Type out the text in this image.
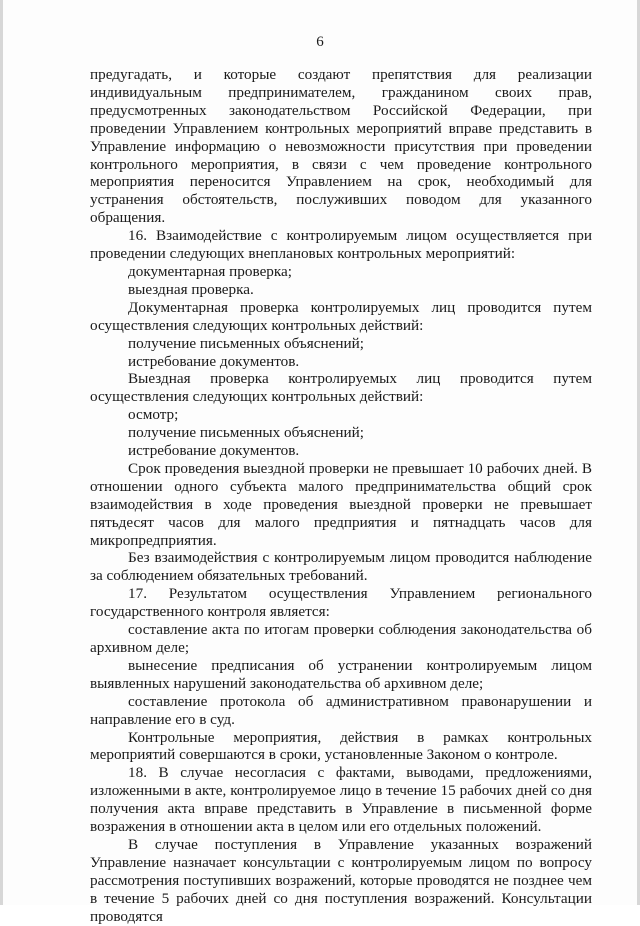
6

предугадать, и которые создают препятствия для реализации индивидуальным предпринимателем, гражданином своих прав, предусмотренных законодательством Российской Федерации, при проведении Управлением контрольных мероприятий вправе представить в Управление информацию о невозможности присутствия при проведении контрольного мероприятия, в связи с чем проведение контрольного мероприятия переносится Управлением на срок, необходимый для устранения обстоятельств, послуживших поводом для указанного обращения.

16. Взаимодействие с контролируемым лицом осуществляется при проведении следующих внеплановых контрольных мероприятий:

документарная проверка;

выездная проверка.

Документарная проверка контролируемых лиц проводится путем осуществления следующих контрольных действий:

получение письменных объяснений;

истребование документов.

Выездная проверка контролируемых лиц проводится путем осуществления следующих контрольных действий:

осмотр;

получение письменных объяснений;

истребование документов.

Срок проведения выездной проверки не превышает 10 рабочих дней. В отношении одного субъекта малого предпринимательства общий срок взаимодействия в ходе проведения выездной проверки не превышает пятьдесят часов для малого предприятия и пятнадцать часов для микропредприятия.

Без взаимодействия с контролируемым лицом проводится наблюдение за соблюдением обязательных требований.

17. Результатом осуществления Управлением регионального государственного контроля является:

составление акта по итогам проверки соблюдения законодательства об архивном деле;

вынесение предписания об устранении контролируемым лицом выявленных нарушений законодательства об архивном деле;

составление протокола об административном правонарушении и направление его в суд.

Контрольные мероприятия, действия в рамках контрольных мероприятий совершаются в сроки, установленные Законом о контроле.

18. В случае несогласия с фактами, выводами, предложениями, изложенными в акте, контролируемое лицо в течение 15 рабочих дней со дня получения акта вправе представить в Управление в письменной форме возражения в отношении акта в целом или его отдельных положений.

В случае поступления в Управление указанных возражений Управление назначает консультации с контролируемым лицом по вопросу рассмотрения поступивших возражений, которые проводятся не позднее чем в течение 5 рабочих дней со дня поступления возражений. Консультации проводятся
